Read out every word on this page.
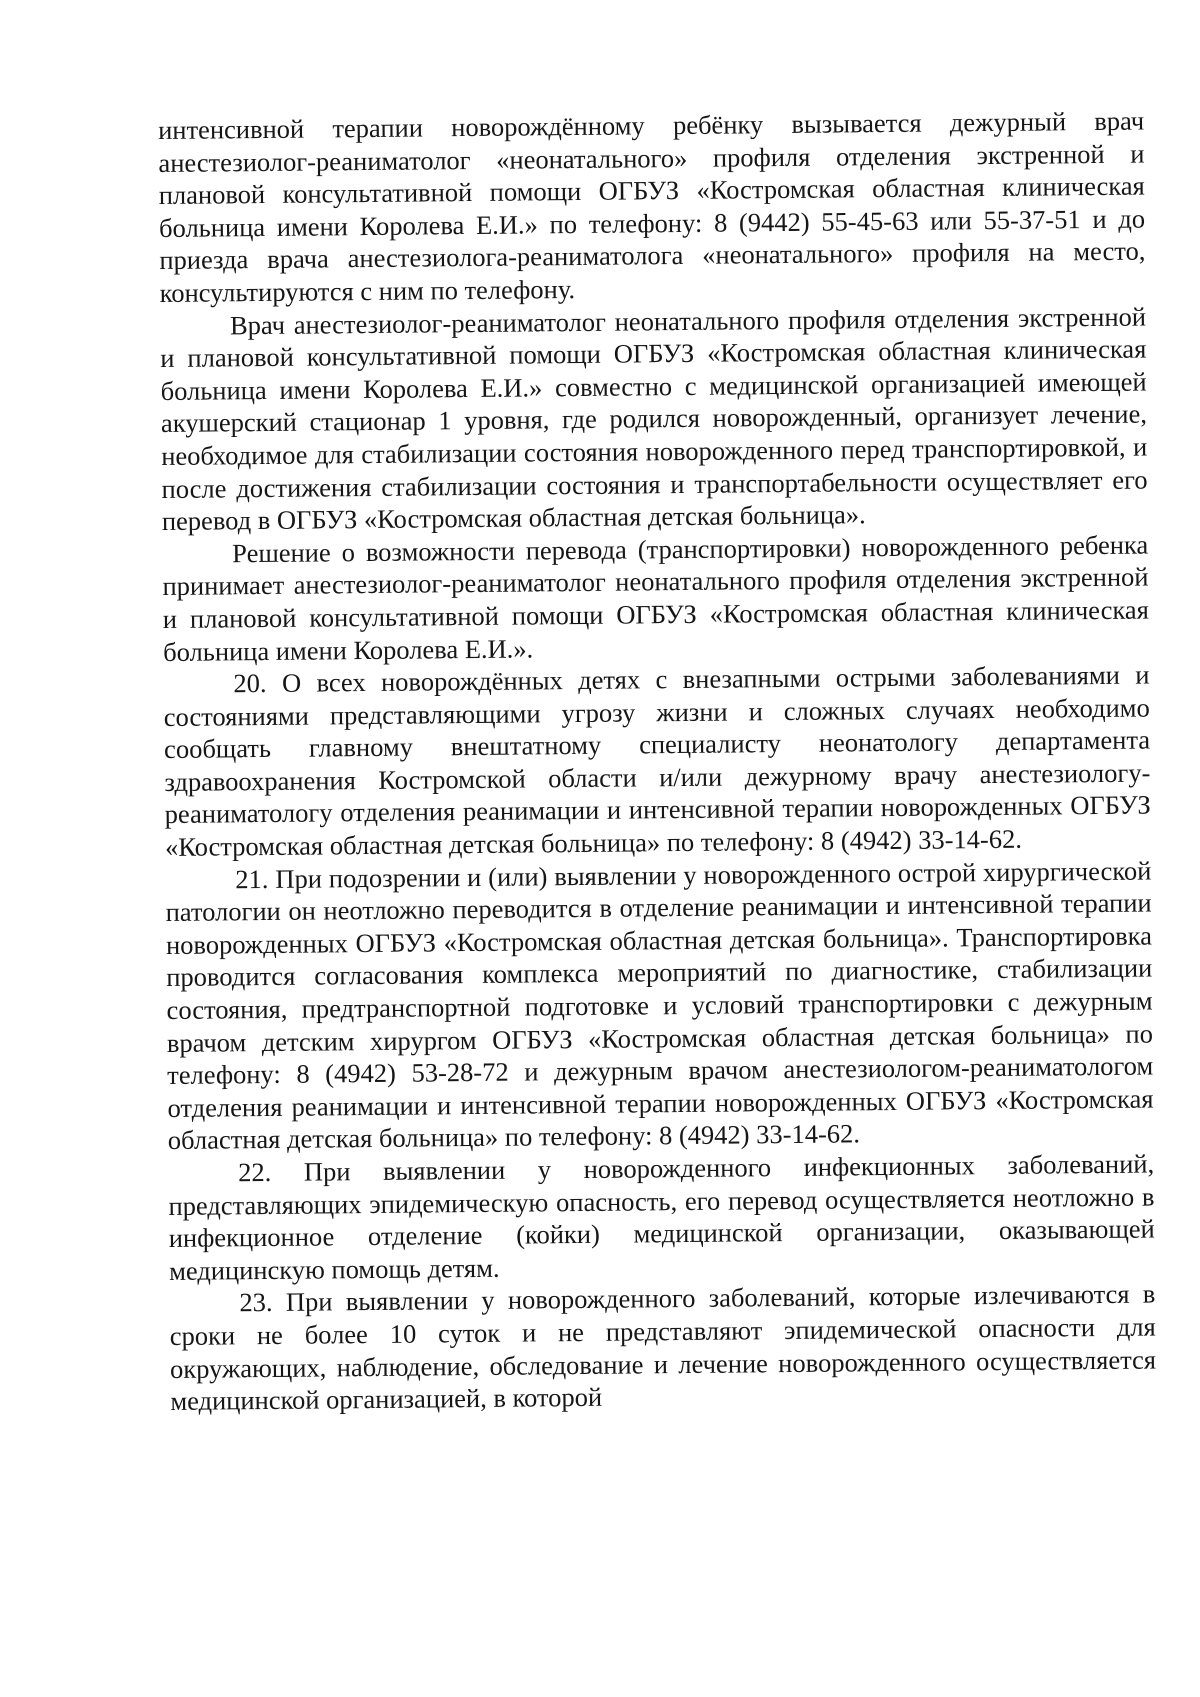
интенсивной терапии новорождённому ребёнку вызывается дежурный врач анестезиолог-реаниматолог «неонатального» профиля отделения экстренной и плановой консультативной помощи ОГБУЗ «Костромская областная клиническая больница имени Королева Е.И.» по телефону: 8 (9442) 55-45-63 или 55-37-51 и до приезда врача анестезиолога-реаниматолога «неонатального» профиля на место, консультируются с ним по телефону.

Врач анестезиолог-реаниматолог неонатального профиля отделения экстренной и плановой консультативной помощи ОГБУЗ «Костромская областная клиническая больница имени Королева Е.И.» совместно с медицинской организацией имеющей акушерский стационар 1 уровня, где родился новорожденный, организует лечение, необходимое для стабилизации состояния новорожденного перед транспортировкой, и после достижения стабилизации состояния и транспортабельности осуществляет его перевод в ОГБУЗ «Костромская областная детская больница».

Решение о возможности перевода (транспортировки) новорожденного ребенка принимает анестезиолог-реаниматолог неонатального профиля отделения экстренной и плановой консультативной помощи ОГБУЗ «Костромская областная клиническая больница имени Королева Е.И.».

20. О всех новорождённых детях с внезапными острыми заболеваниями и состояниями представляющими угрозу жизни и сложных случаях необходимо сообщать главному внештатному специалисту неонатологу департамента здравоохранения Костромской области и/или дежурному врачу анестезиологу-реаниматологу отделения реанимации и интенсивной терапии новорожденных ОГБУЗ «Костромская областная детская больница» по телефону: 8 (4942) 33-14-62.

21. При подозрении и (или) выявлении у новорожденного острой хирургической патологии он неотложно переводится в отделение реанимации и интенсивной терапии новорожденных ОГБУЗ «Костромская областная детская больница». Транспортировка проводится согласования комплекса мероприятий по диагностике, стабилизации состояния, предтранспортной подготовке и условий транспортировки с дежурным врачом детским хирургом ОГБУЗ «Костромская областная детская больница» по телефону: 8 (4942) 53-28-72 и дежурным врачом анестезиологом-реаниматологом отделения реанимации и интенсивной терапии новорожденных ОГБУЗ «Костромская областная детская больница» по телефону: 8 (4942) 33-14-62.

22. При выявлении у новорожденного инфекционных заболеваний, представляющих эпидемическую опасность, его перевод осуществляется неотложно в инфекционное отделение (койки) медицинской организации, оказывающей медицинскую помощь детям.

23. При выявлении у новорожденного заболеваний, которые излечиваются в сроки не более 10 суток и не представляют эпидемической опасности для окружающих, наблюдение, обследование и лечение новорожденного осуществляется медицинской организацией, в которой
